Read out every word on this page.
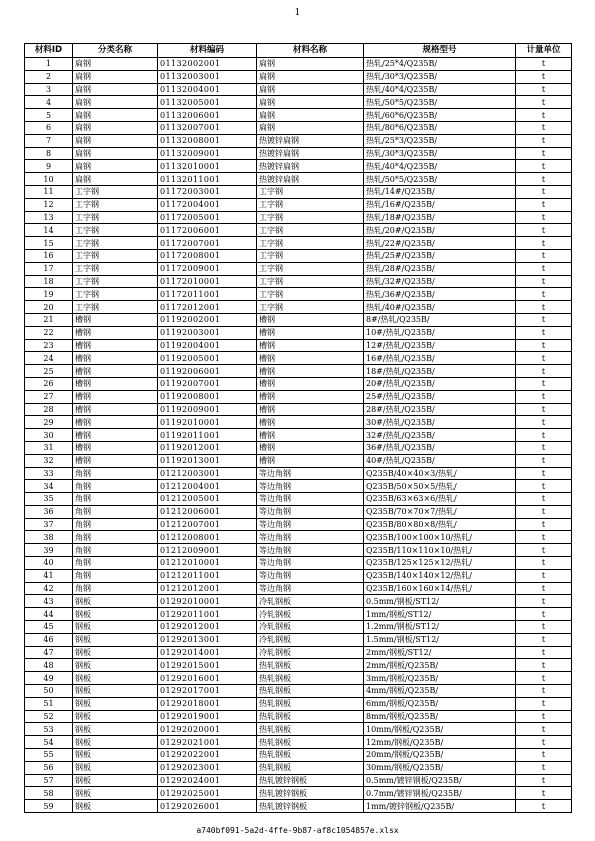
1
材料ID	分类名称	材料编码	材料名称	规格型号	计量单位
1	扁钢	01132002001	扁钢	热轧/25*4/Q235B/	t
2	扁钢	01132003001	扁钢	热轧/30*3/Q235B/	t
3	扁钢	01132004001	扁钢	热轧/40*4/Q235B/	t
4	扁钢	01132005001	扁钢	热轧/50*5/Q235B/	t
5	扁钢	01132006001	扁钢	热轧/60*6/Q235B/	t
6	扁钢	01132007001	扁钢	热轧/80*6/Q235B/	t
7	扁钢	01132008001	热镀锌扁钢	热轧/25*3/Q235B/	t
8	扁钢	01132009001	热镀锌扁钢	热轧/30*3/Q235B/	t
9	扁钢	01132010001	热镀锌扁钢	热轧/40*4/Q235B/	t
10	扁钢	01132011001	热镀锌扁钢	热轧/50*5/Q235B/	t
11	工字钢	01172003001	工字钢	热轧/14#/Q235B/	t
12	工字钢	01172004001	工字钢	热轧/16#/Q235B/	t
13	工字钢	01172005001	工字钢	热轧/18#/Q235B/	t
14	工字钢	01172006001	工字钢	热轧/20#/Q235B/	t
15	工字钢	01172007001	工字钢	热轧/22#/Q235B/	t
16	工字钢	01172008001	工字钢	热轧/25#/Q235B/	t
17	工字钢	01172009001	工字钢	热轧/28#/Q235B/	t
18	工字钢	01172010001	工字钢	热轧/32#/Q235B/	t
19	工字钢	01172011001	工字钢	热轧/36#/Q235B/	t
20	工字钢	01172012001	工字钢	热轧/40#/Q235B/	t
21	槽钢	01192002001	槽钢	8#/热轧/Q235B/	t
22	槽钢	01192003001	槽钢	10#/热轧/Q235B/	t
23	槽钢	01192004001	槽钢	12#/热轧/Q235B/	t
24	槽钢	01192005001	槽钢	16#/热轧/Q235B/	t
25	槽钢	01192006001	槽钢	18#/热轧/Q235B/	t
26	槽钢	01192007001	槽钢	20#/热轧/Q235B/	t
27	槽钢	01192008001	槽钢	25#/热轧/Q235B/	t
28	槽钢	01192009001	槽钢	28#/热轧/Q235B/	t
29	槽钢	01192010001	槽钢	30#/热轧/Q235B/	t
30	槽钢	01192011001	槽钢	32#/热轧/Q235B/	t
31	槽钢	01192012001	槽钢	36#/热轧/Q235B/	t
32	槽钢	01192013001	槽钢	40#/热轧/Q235B/	t
33	角钢	01212003001	等边角钢	Q235B/40×40×3/热轧/	t
34	角钢	01212004001	等边角钢	Q235B/50×50×5/热轧/	t
35	角钢	01212005001	等边角钢	Q235B/63×63×6/热轧/	t
36	角钢	01212006001	等边角钢	Q235B/70×70×7/热轧/	t
37	角钢	01212007001	等边角钢	Q235B/80×80×8/热轧/	t
38	角钢	01212008001	等边角钢	Q235B/100×100×10/热轧/	t
39	角钢	01212009001	等边角钢	Q235B/110×110×10/热轧/	t
40	角钢	01212010001	等边角钢	Q235B/125×125×12/热轧/	t
41	角钢	01212011001	等边角钢	Q235B/140×140×12/热轧/	t
42	角钢	01212012001	等边角钢	Q235B/160×160×14/热轧/	t
43	钢板	01292010001	冷轧钢板	0.5mm/钢板/ST12/	t
44	钢板	01292011001	冷轧钢板	1mm/钢板/ST12/	t
45	钢板	01292012001	冷轧钢板	1.2mm/钢板/ST12/	t
46	钢板	01292013001	冷轧钢板	1.5mm/钢板/ST12/	t
47	钢板	01292014001	冷轧钢板	2mm/钢板/ST12/	t
48	钢板	01292015001	热轧钢板	2mm/钢板/Q235B/	t
49	钢板	01292016001	热轧钢板	3mm/钢板/Q235B/	t
50	钢板	01292017001	热轧钢板	4mm/钢板/Q235B/	t
51	钢板	01292018001	热轧钢板	6mm/钢板/Q235B/	t
52	钢板	01292019001	热轧钢板	8mm/钢板/Q235B/	t
53	钢板	01292020001	热轧钢板	10mm/钢板/Q235B/	t
54	钢板	01292021001	热轧钢板	12mm/钢板/Q235B/	t
55	钢板	01292022001	热轧钢板	20mm/钢板/Q235B/	t
56	钢板	01292023001	热轧钢板	30mm/钢板/Q235B/	t
57	钢板	01292024001	热轧镀锌钢板	0.5mm/镀锌钢板/Q235B/	t
58	钢板	01292025001	热轧镀锌钢板	0.7mm/镀锌钢板/Q235B/	t
59	钢板	01292026001	热轧镀锌钢板	1mm/镀锌钢板/Q235B/	t
a740bf091-5a2d-4ffe-9b87-af8c1054857e.xlsx
